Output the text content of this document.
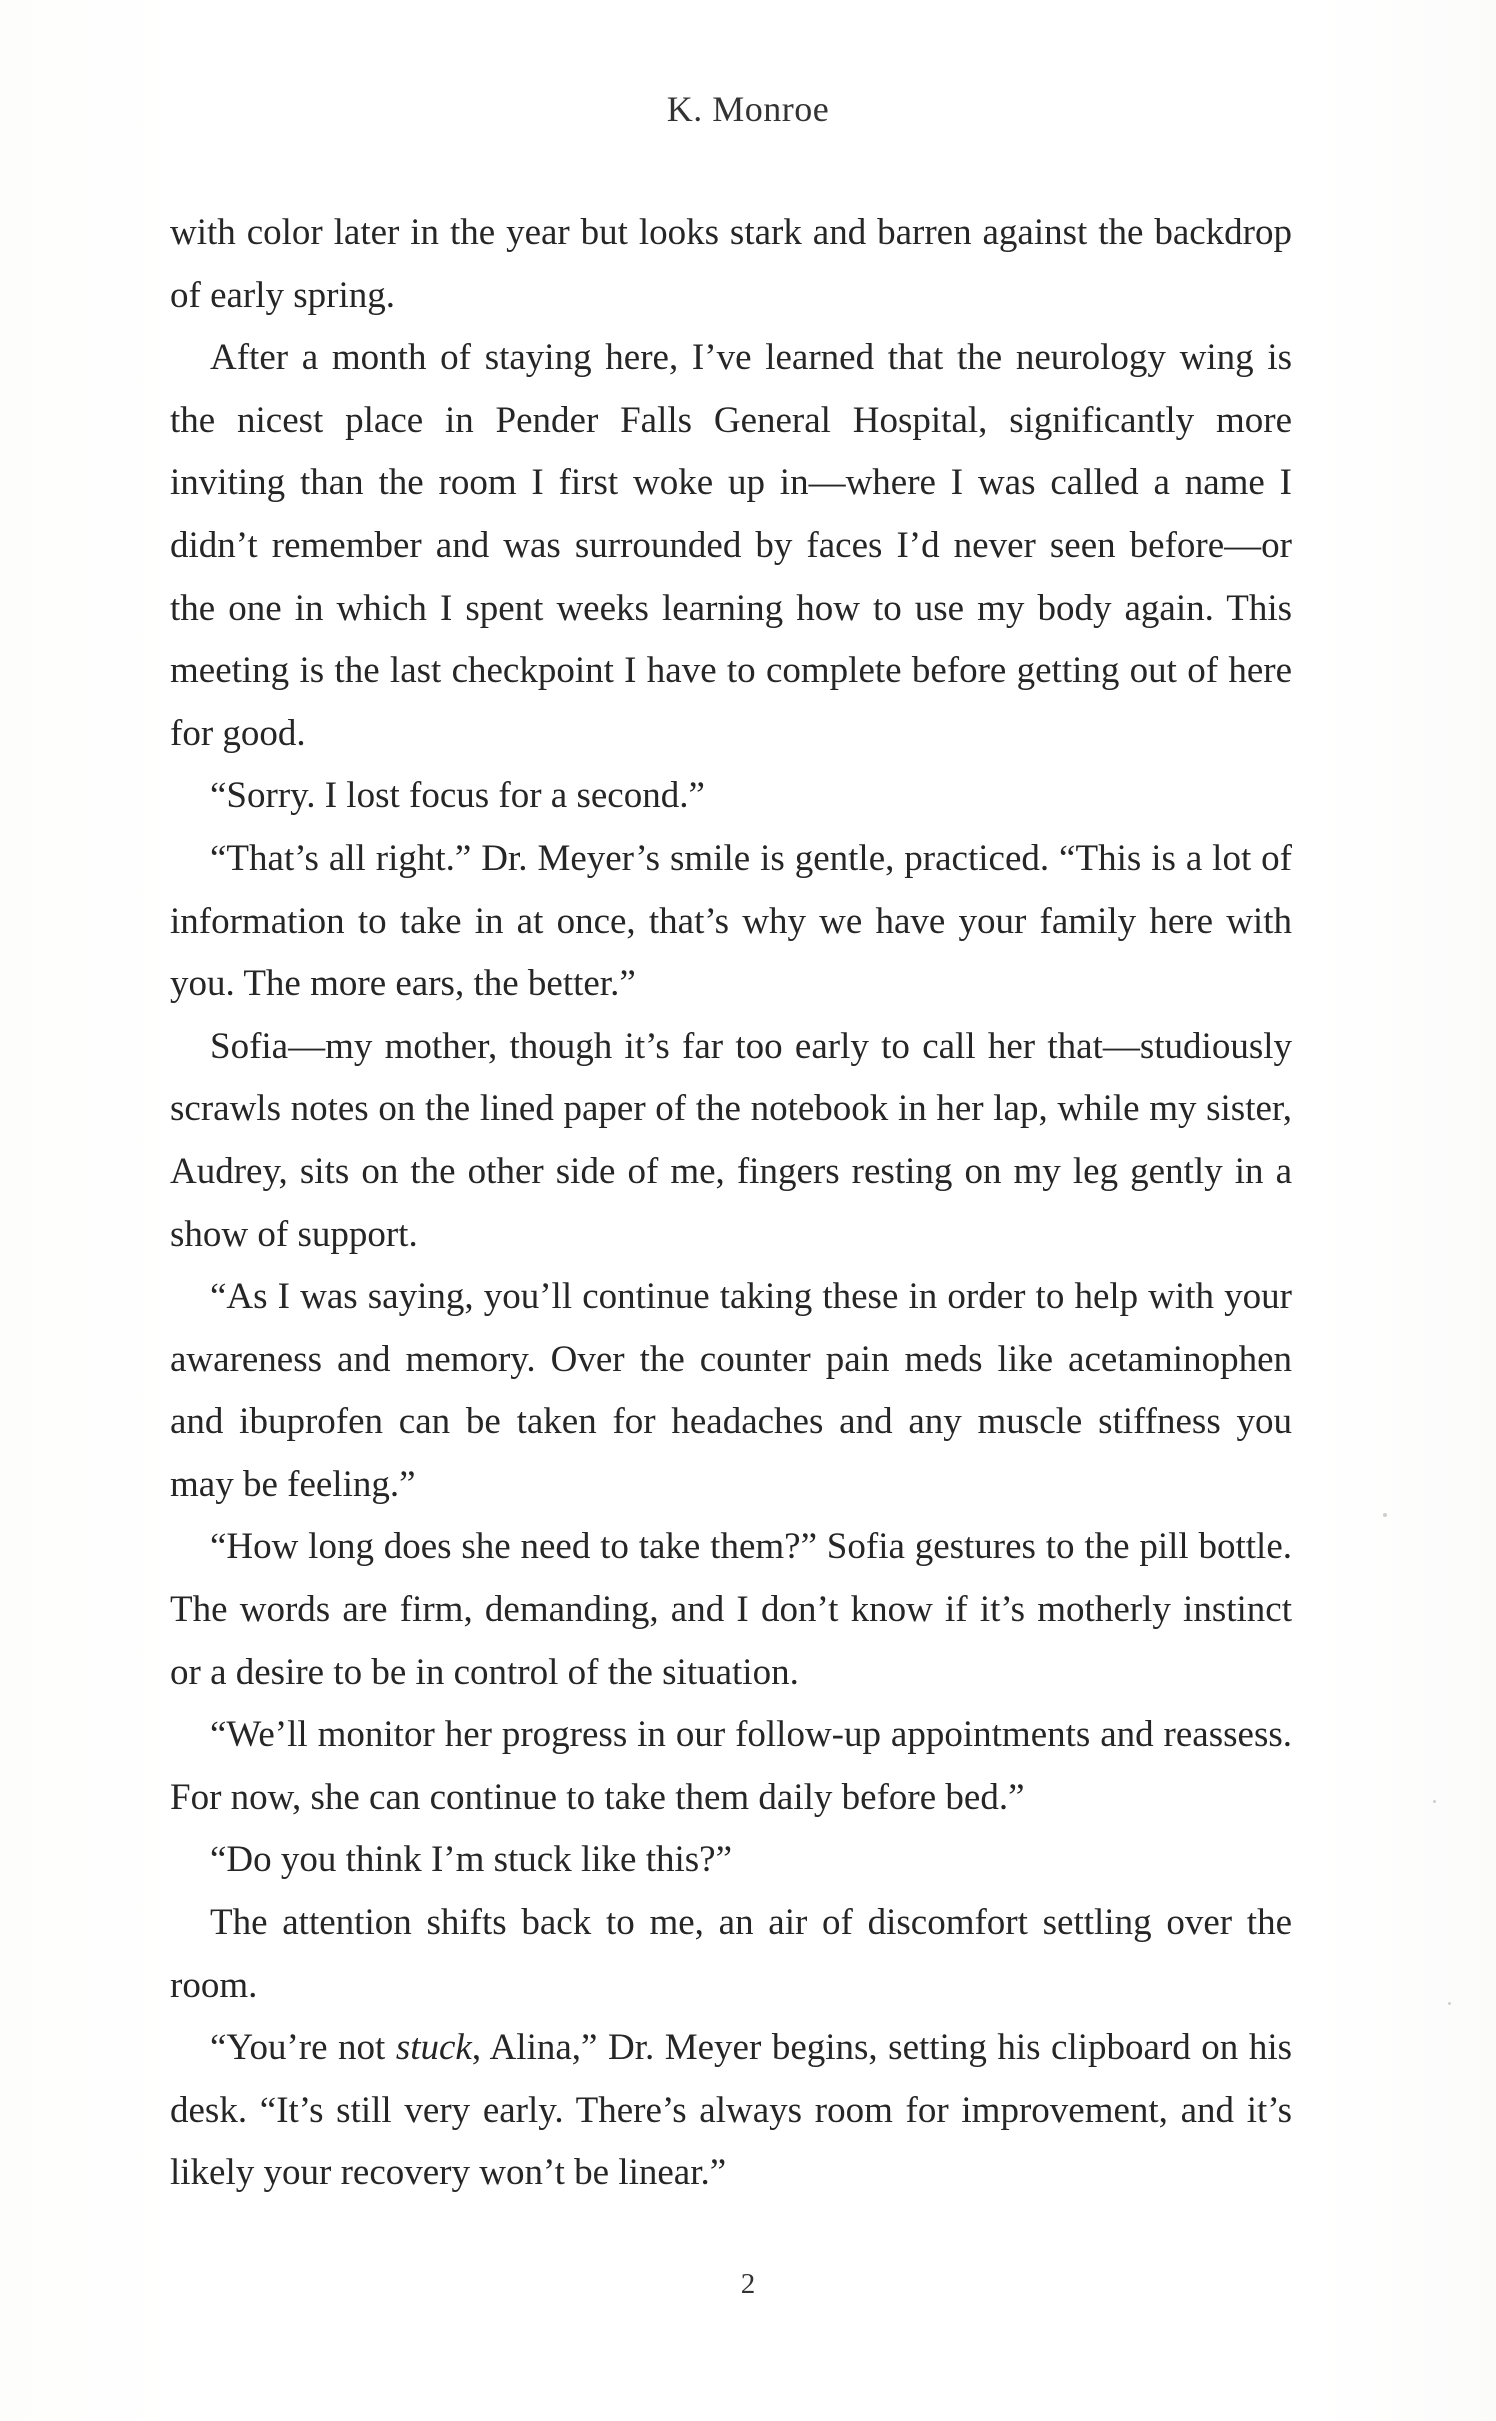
K. Monroe

with color later in the year but looks stark and barren against the backdrop of early spring.

After a month of staying here, I’ve learned that the neurology wing is the nicest place in Pender Falls General Hospital, significantly more inviting than the room I first woke up in—where I was called a name I didn’t remember and was surrounded by faces I’d never seen before—or the one in which I spent weeks learning how to use my body again. This meeting is the last checkpoint I have to complete before getting out of here for good.

“Sorry. I lost focus for a second.”

“That’s all right.” Dr. Meyer’s smile is gentle, practiced. “This is a lot of information to take in at once, that’s why we have your family here with you. The more ears, the better.”

Sofia—my mother, though it’s far too early to call her that—studiously scrawls notes on the lined paper of the notebook in her lap, while my sister, Audrey, sits on the other side of me, fingers resting on my leg gently in a show of support.

“As I was saying, you’ll continue taking these in order to help with your awareness and memory. Over the counter pain meds like acetaminophen and ibuprofen can be taken for headaches and any muscle stiffness you may be feeling.”

“How long does she need to take them?” Sofia gestures to the pill bottle. The words are firm, demanding, and I don’t know if it’s motherly instinct or a desire to be in control of the situation.

“We’ll monitor her progress in our follow-up appointments and reassess. For now, she can continue to take them daily before bed.”

“Do you think I’m stuck like this?”

The attention shifts back to me, an air of discomfort settling over the room.

“You’re not stuck, Alina,” Dr. Meyer begins, setting his clipboard on his desk. “It’s still very early. There’s always room for improvement, and it’s likely your recovery won’t be linear.”

2
